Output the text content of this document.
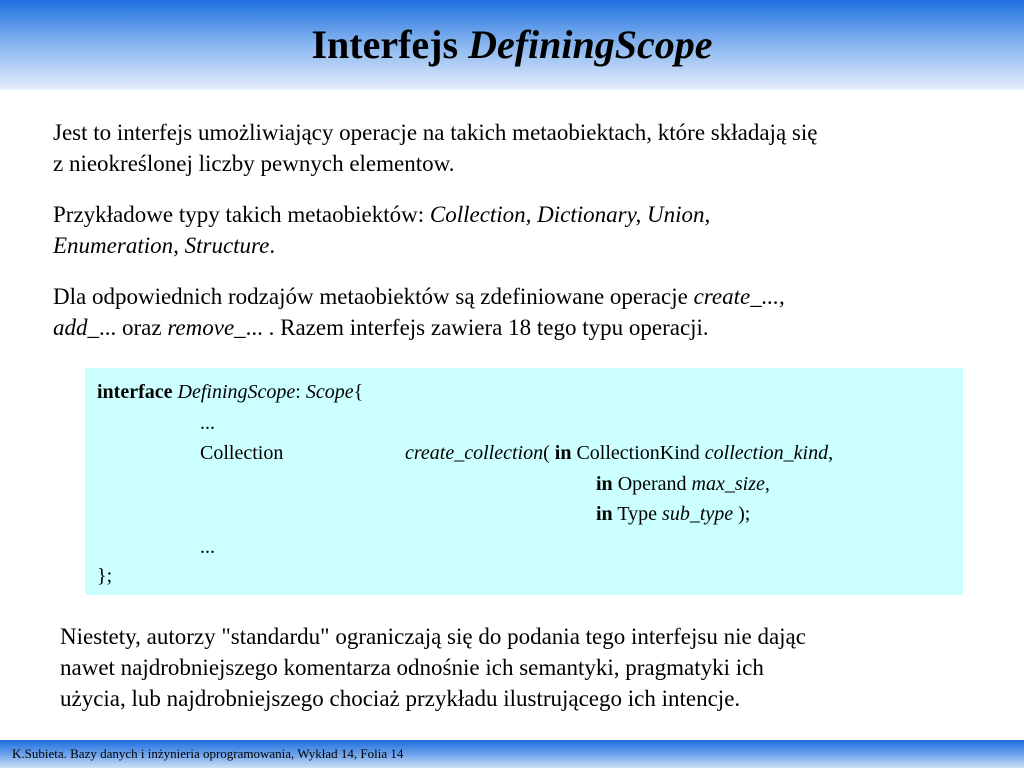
Interfejs DefiningScope
Jest to interfejs umożliwiający operacje na takich metaobiektach, które składają się
z nieokreślonej liczby pewnych elementow.
Przykładowe typy takich metaobiektów: Collection, Dictionary, Union,
Enumeration, Structure.
Dla odpowiednich rodzajów metaobiektów są zdefiniowane operacje create_...,
add_... oraz remove_... . Razem interfejs zawiera 18 tego typu operacji.
interface DefiningScope: Scope{
...
Collection	create_collection( in CollectionKind collection_kind,
in Operand max_size,
in Type sub_type );
...
};
Niestety, autorzy "standardu" ograniczają się do podania tego interfejsu nie dając
nawet najdrobniejszego komentarza odnośnie ich semantyki, pragmatyki ich
użycia, lub najdrobniejszego chociaż przykładu ilustrującego ich intencje.
K.Subieta. Bazy danych i inżynieria oprogramowania, Wykład 14, Folia 14
